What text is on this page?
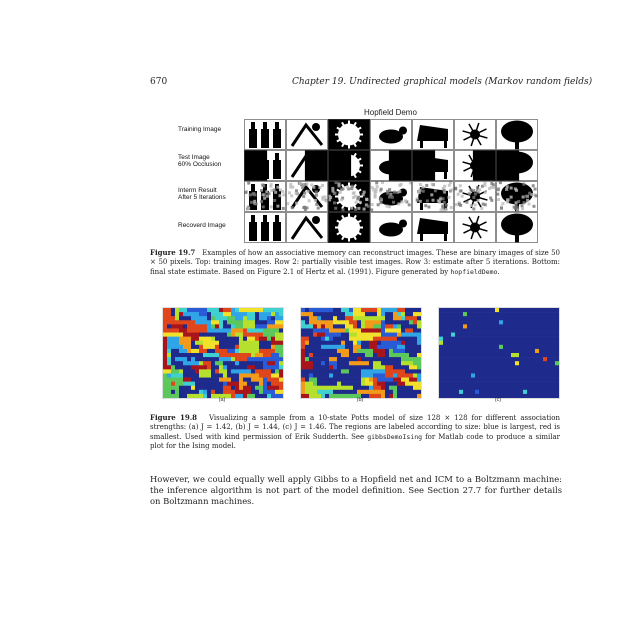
670	Chapter 19. Undirected graphical models (Markov random fields)
Hopfield Demo
Training Image
Test Image
60% Occlusion
Interm Result
After 5 Iterations
Recoverd Image
Figure 19.7 Examples of how an associative memory can reconstruct images. These are binary images of size 50 × 50 pixels. Top: training images. Row 2: partially visible test images. Row 3: estimate after 5 iterations. Bottom: final state estimate. Based on Figure 2.1 of Hertz et al. (1991). Figure generated by hopfieldDemo.
(a)	(b)	(c)
Figure 19.8 Visualizing a sample from a 10-state Potts model of size 128 × 128 for different association strengths: (a) J = 1.42, (b) J = 1.44, (c) J = 1.46. The regions are labeled according to size: blue is largest, red is smallest. Used with kind permission of Erik Sudderth. See gibbsDemoIsing for Matlab code to produce a similar plot for the Ising model.
However, we could equally well apply Gibbs to a Hopfield net and ICM to a Boltzmann machine: the inference algorithm is not part of the model definition. See Section 27.7 for further details on Boltzmann machines.
